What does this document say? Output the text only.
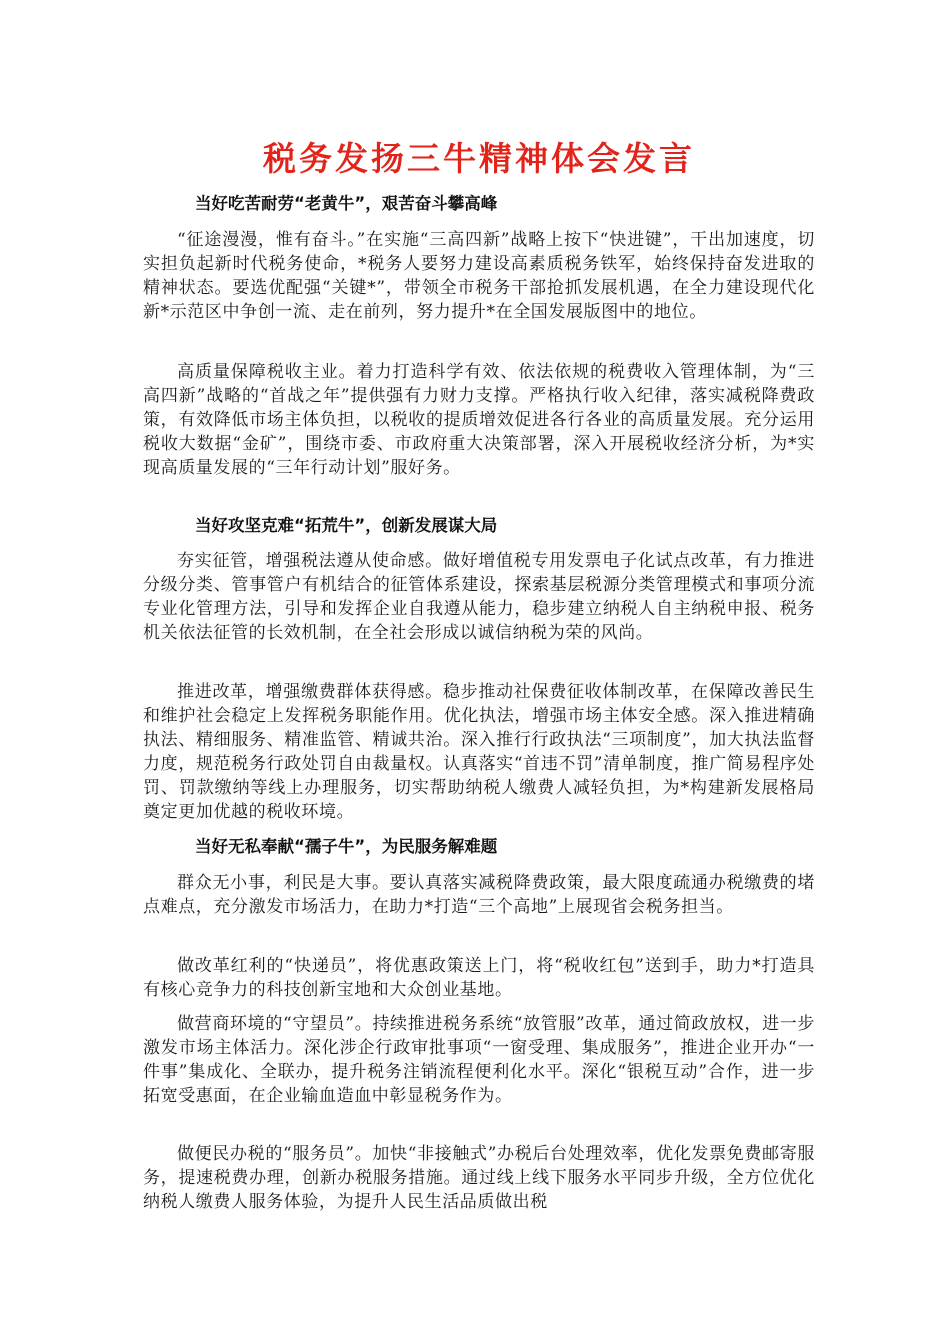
税务发扬三牛精神体会发言
当好吃苦耐劳“老黄牛”，艰苦奋斗攀高峰
“征途漫漫，惟有奋斗。”在实施“三高四新”战略上按下“快进键”，干出加速度，切实担负起新时代税务使命，*税务人要努力建设高素质税务铁军，始终保持奋发进取的精神状态。要选优配强“关键*”，带领全市税务干部抢抓发展机遇，在全力建设现代化新*示范区中争创一流、走在前列，努力提升*在全国发展版图中的地位。
高质量保障税收主业。着力打造科学有效、依法依规的税费收入管理体制，为“三高四新”战略的“首战之年”提供强有力财力支撑。严格执行收入纪律，落实减税降费政策，有效降低市场主体负担，以税收的提质增效促进各行各业的高质量发展。充分运用税收大数据“金矿”，围绕市委、市政府重大决策部署，深入开展税收经济分析，为*实现高质量发展的“三年行动计划”服好务。
当好攻坚克难“拓荒牛”，创新发展谋大局
夯实征管，增强税法遵从使命感。做好增值税专用发票电子化试点改革，有力推进分级分类、管事管户有机结合的征管体系建设，探索基层税源分类管理模式和事项分流专业化管理方法，引导和发挥企业自我遵从能力，稳步建立纳税人自主纳税申报、税务机关依法征管的长效机制，在全社会形成以诚信纳税为荣的风尚。
推进改革，增强缴费群体获得感。稳步推动社保费征收体制改革，在保障改善民生和维护社会稳定上发挥税务职能作用。优化执法，增强市场主体安全感。深入推进精确执法、精细服务、精准监管、精诚共治。深入推行行政执法“三项制度”，加大执法监督力度，规范税务行政处罚自由裁量权。认真落实“首违不罚”清单制度，推广简易程序处罚、罚款缴纳等线上办理服务，切实帮助纳税人缴费人减轻负担，为*构建新发展格局奠定更加优越的税收环境。
当好无私奉献“孺子牛”，为民服务解难题
群众无小事，利民是大事。要认真落实减税降费政策，最大限度疏通办税缴费的堵点难点，充分激发市场活力，在助力*打造“三个高地”上展现省会税务担当。
做改革红利的“快递员”，将优惠政策送上门，将“税收红包”送到手，助力*打造具有核心竞争力的科技创新宝地和大众创业基地。
做营商环境的“守望员”。持续推进税务系统“放管服”改革，通过简政放权，进一步激发市场主体活力。深化涉企行政审批事项“一窗受理、集成服务”，推进企业开办“一件事”集成化、全联办，提升税务注销流程便利化水平。深化“银税互动”合作，进一步拓宽受惠面，在企业输血造血中彰显税务作为。
做便民办税的“服务员”。加快“非接触式”办税后台处理效率，优化发票免费邮寄服务，提速税费办理，创新办税服务措施。通过线上线下服务水平同步升级，全方位优化纳税人缴费人服务体验，为提升人民生活品质做出税
